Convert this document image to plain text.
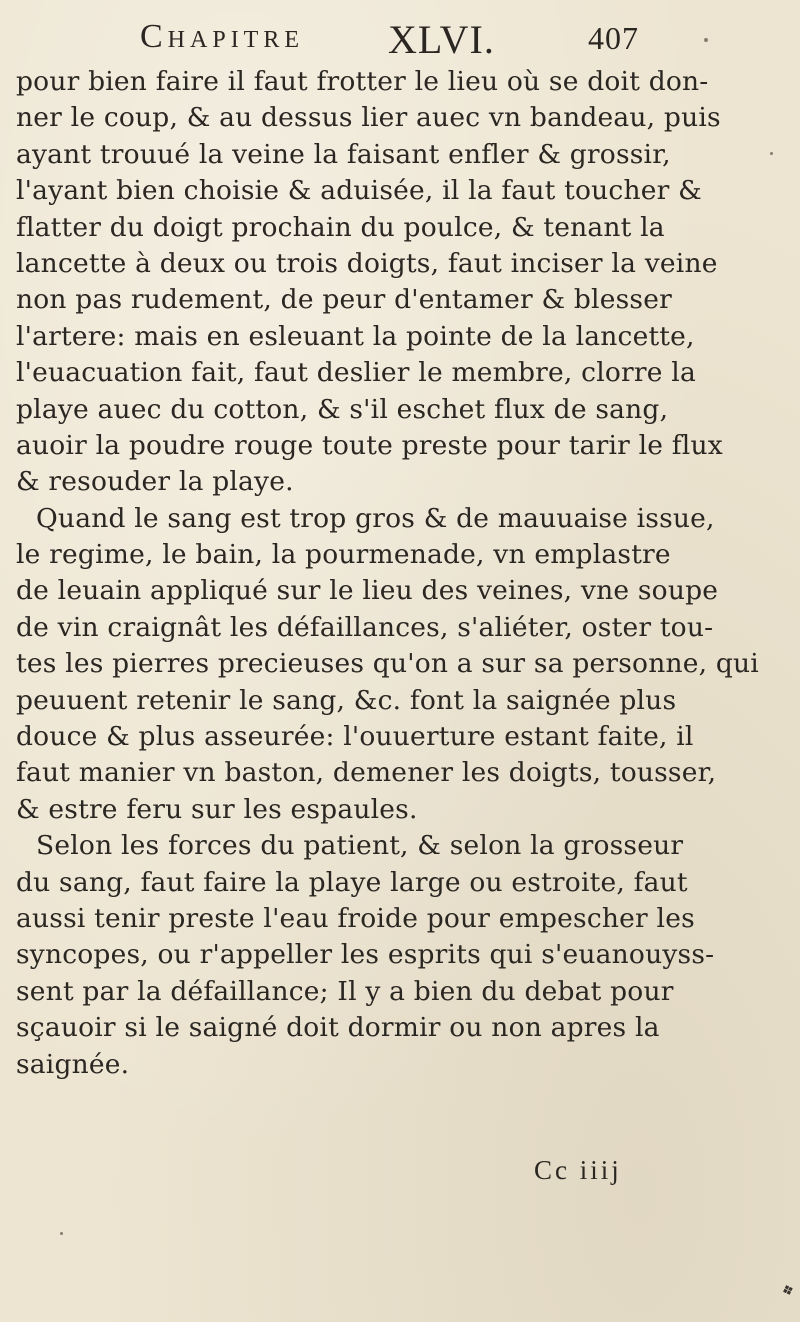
Chapitre XLVI.	407
pour bien faire il faut frotter le lieu où se doit don-
ner le coup, & au dessus lier auec vn bandeau, puis
ayant trouué la veine la faisant enfler & grossir,
l'ayant bien choisie & aduisée, il la faut toucher &
flatter du doigt prochain du poulce, & tenant la
lancette à deux ou trois doigts, faut inciser la veine
non pas rudement, de peur d'entamer & blesser
l'artere: mais en esleuant la pointe de la lancette,
l'euacuation fait, faut deslier le membre, clorre la
playe auec du cotton, & s'il eschet flux de sang,
auoir la poudre rouge toute preste pour tarir le flux
& resouder la playe.
Quand le sang est trop gros & de mauuaise issue,
le regime, le bain, la pourmenade, vn emplastre
de leuain appliqué sur le lieu des veines, vne soupe
de vin craignât les défaillances, s'aliéter, oster tou-
tes les pierres precieuses qu'on a sur sa personne, qui
peuuent retenir le sang, &c. font la saignée plus
douce & plus asseurée: l'ouuerture estant faite, il
faut manier vn baston, demener les doigts, tousser,
& estre feru sur les espaules.
Selon les forces du patient, & selon la grosseur
du sang, faut faire la playe large ou estroite, faut
aussi tenir preste l'eau froide pour empescher les
syncopes, ou r'appeller les esprits qui s'euanouyss-
sent par la défaillance; Il y a bien du debat pour
sçauoir si le saigné doit dormir ou non apres la
saignée.
Cc iiij
❖
